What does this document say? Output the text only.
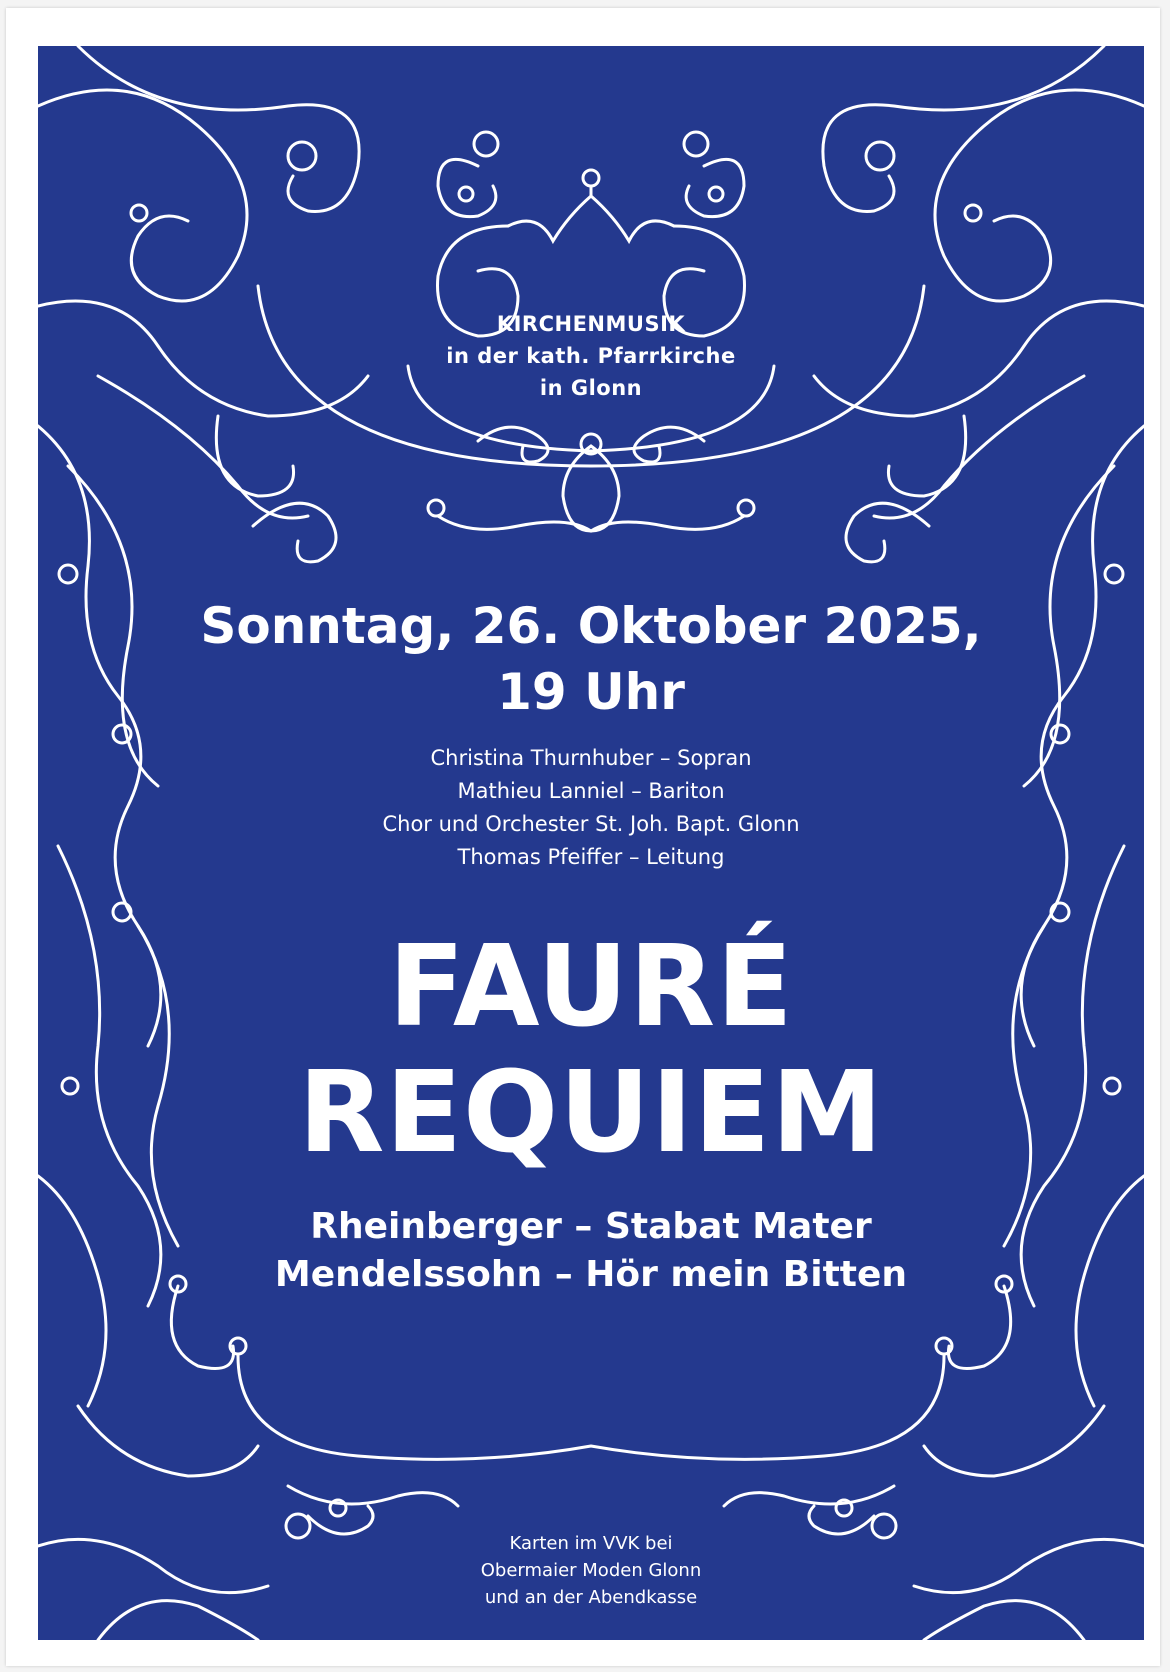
KIRCHENMUSIK
in der kath. Pfarrkirche
in Glonn
Sonntag, 26. Oktober 2025,
19 Uhr
Christina Thurnhuber – Sopran
Mathieu Lanniel – Bariton
Chor und Orchester St. Joh. Bapt. Glonn
Thomas Pfeiffer – Leitung
FAURÉ
REQUIEM
Rheinberger – Stabat Mater
Mendelssohn – Hör mein Bitten
Karten im VVK bei
Obermaier Moden Glonn
und an der Abendkasse
